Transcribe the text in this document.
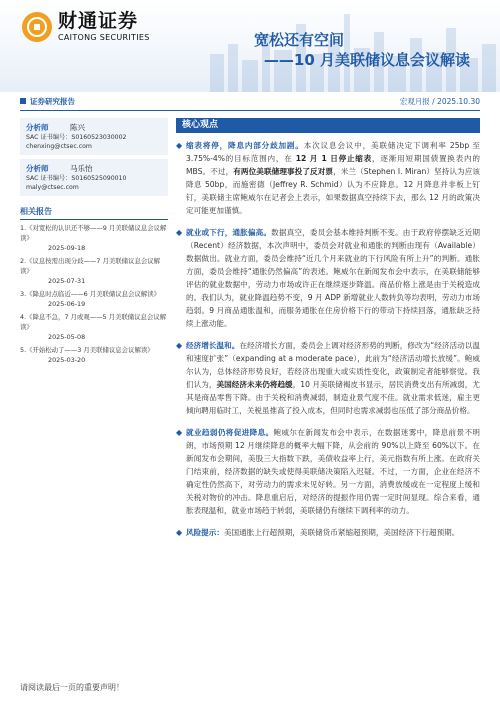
财通证券
CAITONG SECURITIES	宽松还有空间
——10 月美联储议息会议解读
证券研究报告	宏观月报 / 2025.10.30
分析师	陈兴
SAC 证书编号：S0160523030002
chenxing@ctsec.com
分析师	马乐怡
SAC 证书编号：S0160525090010
maly@ctsec.com
相关报告
1.《对宽松的认识还不够——9 月美联储议息会议解读》
2025-09-18
2.《议息按需出现分歧——7 月美联储议息会议解读》
2025-07-31
3.《降息时点临近——6 月美联储议息会议解读》
2025-06-19
4.《降息不急，7 月或观——5 月美联储议息会议解读》
2025-05-08
5.《开始松动了——3 月美联储议息会议解读》
2025-03-20
核心观点
◆ 缩表将停，降息内部分歧加剧。本次议息会议中，美联储决定下调利率 25bp 至 3.75%-4%的目标范围内，在 12 月 1 日停止缩表，逐渐用短期国债置换表内的 MBS。不过，有两位美联储理事投了反对票，米兰（Stephen I. Miran）坚持认为应该降息 50bp，而施密德（Jeffrey R. Schmid）认为不应降息。12 月降息并非板上钉钉，美联储主席鲍威尔在记者会上表示，如果数据真空持续下去，那么 12 月的政策决定可能更加谨慎。

◆ 就业或下行，通胀偏高。数据真空，委员会基本维持判断不变。由于政府停摆缺乏近期（Recent）经济数据，本次声明中，委员会对就业和通胀的判断由现有（Available）数据做出。就业方面，委员会维持“近几个月来就业的下行风险有所上升”的判断。通胀方面，委员会维持“通胀仍然偏高”的表述。鲍威尔在新闻发布会中表示，在美联储能够评估的就业数据中，劳动力市场或许正在继续逐步降温。商品价格上涨是由于关税造成的。我们认为，就业降温趋势不变，9 月 ADP 新增就业人数转负等均表明，劳动力市场趋弱。9 月商品通胀温和，而服务通胀在住房价格下行的带动下持续回落，通胀缺乏持续上涨动能。

◆ 经济增长温和。在经济增长方面，委员会上调对经济形势的判断，修改为“经济活动以温和速度扩张”（expanding at a moderate pace），此前为“经济活动增长放缓”。鲍威尔认为，总体经济形势良好，若经济出现重大或实质性变化，政策制定者能够察觉。我们认为，美国经济未来仍将趋缓，10 月美联储褐皮书显示，居民消费支出有所减弱，尤其是商品零售下降。由于关税和消费减弱，制造业景气度不佳。就业需求低迷，雇主更倾向聘用临时工，关税虽推高了投入成本，但同时也需求减弱也压低了部分商品价格。

◆ 就业趋弱仍将促进降息。鲍威尔在新闻发布会中表示，在数据迷雾中，降息前景不明朗，市场预期 12 月继续降息的概率大幅下降，从会前的 90%以上降至 60%以下。在新闻发布会期间，美股三大指数下跌，美债收益率上行，美元指数有所上涨。在政府关门结束前，经济数据的缺失或使得美联储决策陷入迟疑。不过，一方面，企业在经济不确定性仍然高下，对劳动力的需求未见好转。另一方面，消费放缓或在一定程度上缓和关税对物价的冲击。降息重启后，对经济的提振作用仍需一定时间显现。综合来看，通胀表现温和，就业市场趋于转弱，美联储仍有继续下调利率的动力。

◆ 风险提示：美国通胀上行超预期，美联储货币紧缩超预期，美国经济下行超预期。

请阅读最后一页的重要声明！
